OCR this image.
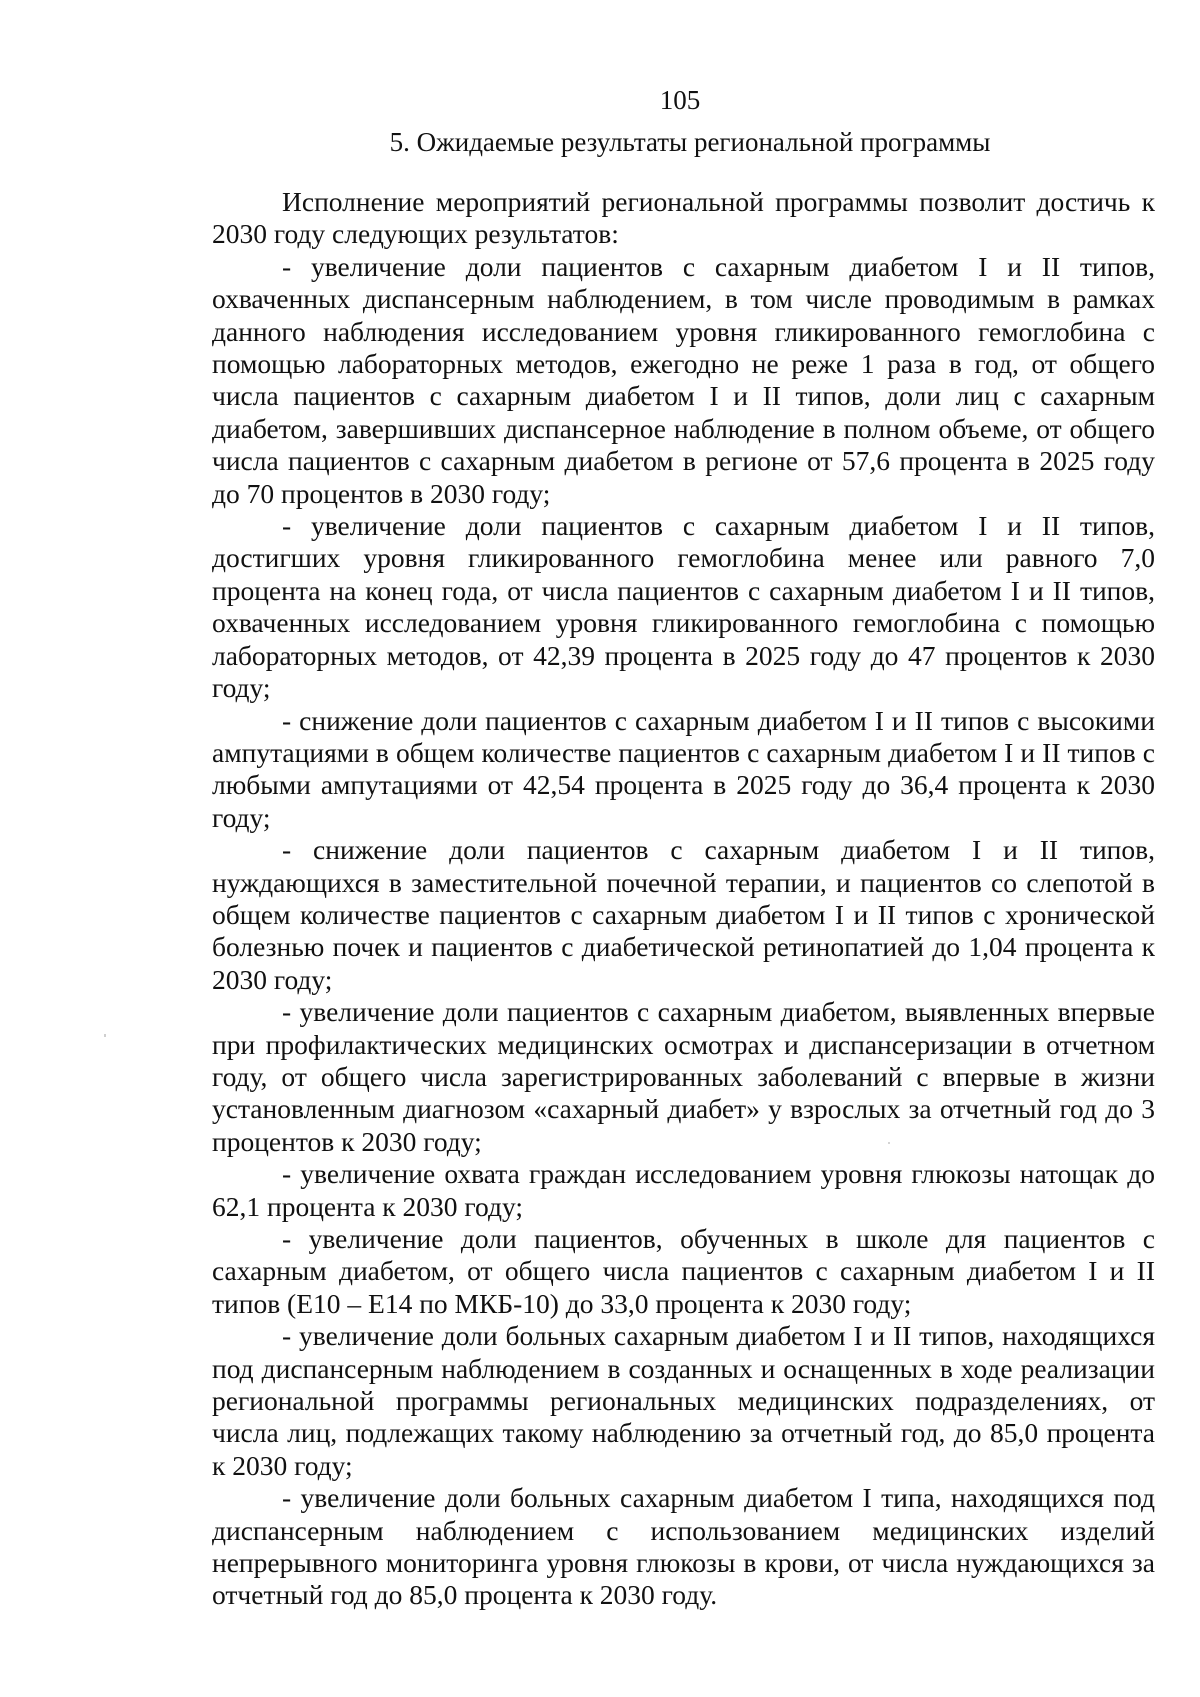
105
5. Ожидаемые результаты региональной программы

Исполнение мероприятий региональной программы позволит достичь к 2030 году следующих результатов:

- увеличение доли пациентов с сахарным диабетом I и II типов, охваченных диспансерным наблюдением, в том числе проводимым в рамках данного наблюдения исследованием уровня гликированного гемоглобина с помощью лабораторных методов, ежегодно не реже 1 раза в год, от общего числа пациентов с сахарным диабетом I и II типов, доли лиц с сахарным диабетом, завершивших диспансерное наблюдение в полном объеме, от общего числа пациентов с сахарным диабетом в регионе от 57,6 процента в 2025 году до 70 процентов в 2030 году;

- увеличение доли пациентов с сахарным диабетом I и II типов, достигших уровня гликированного гемоглобина менее или равного 7,0 процента на конец года, от числа пациентов с сахарным диабетом I и II типов, охваченных исследованием уровня гликированного гемоглобина с помощью лабораторных методов, от 42,39 процента в 2025 году до 47 процентов к 2030 году;

- снижение доли пациентов с сахарным диабетом I и II типов с высокими ампутациями в общем количестве пациентов с сахарным диабетом I и II типов с любыми ампутациями от 42,54 процента в 2025 году до 36,4 процента к 2030 году;

- снижение доли пациентов с сахарным диабетом I и II типов, нуждающихся в заместительной почечной терапии, и пациентов со слепотой в общем количестве пациентов с сахарным диабетом I и II типов с хронической болезнью почек и пациентов с диабетической ретинопатией до 1,04 процента к 2030 году;

- увеличение доли пациентов с сахарным диабетом, выявленных впервые при профилактических медицинских осмотрах и диспансеризации в отчетном году, от общего числа зарегистрированных заболеваний с впервые в жизни установленным диагнозом «сахарный диабет» у взрослых за отчетный год до 3 процентов к 2030 году;

- увеличение охвата граждан исследованием уровня глюкозы натощак до 62,1 процента к 2030 году;

- увеличение доли пациентов, обученных в школе для пациентов с сахарным диабетом, от общего числа пациентов с сахарным диабетом I и II типов (E10 – E14 по МКБ-10) до 33,0 процента к 2030 году;

- увеличение доли больных сахарным диабетом I и II типов, находящихся под диспансерным наблюдением в созданных и оснащенных в ходе реализации региональной программы региональных медицинских подразделениях, от числа лиц, подлежащих такому наблюдению за отчетный год, до 85,0 процента к 2030 году;

- увеличение доли больных сахарным диабетом I типа, находящихся под диспансерным наблюдением с использованием медицинских изделий непрерывного мониторинга уровня глюкозы в крови, от числа нуждающихся за отчетный год до 85,0 процента к 2030 году.
